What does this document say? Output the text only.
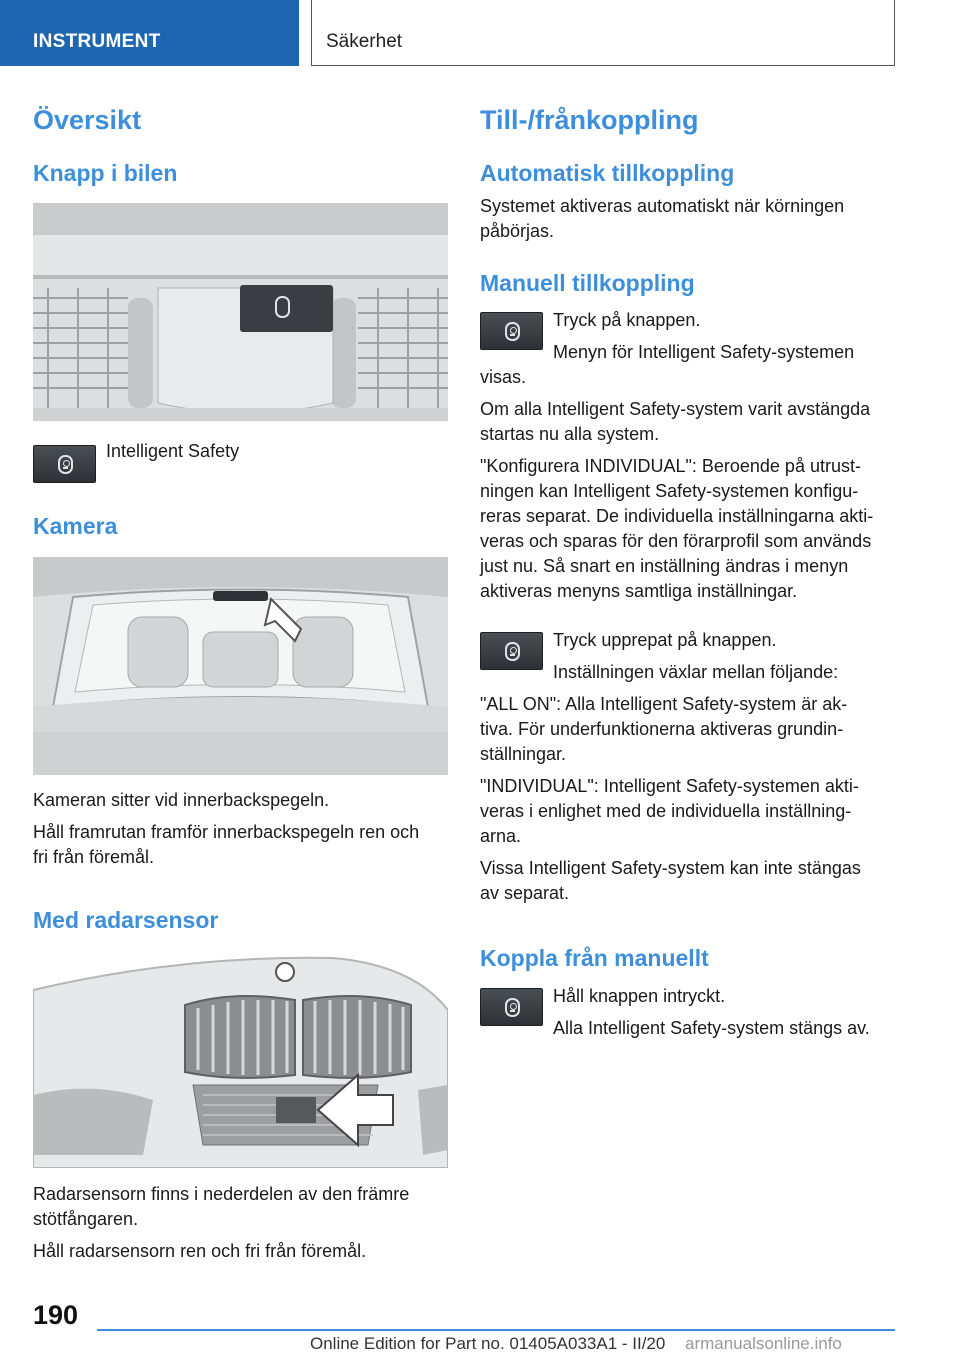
INSTRUMENT	Säkerhet
Översikt
Knapp i bilen

Intelligent Safety

Kamera

Kameran sitter vid innerbackspegeln.

Håll framrutan framför innerbackspegeln ren och

fri från föremål.

Med radarsensor

Radarsensorn finns i nederdelen av den främre

stötfångaren.

Håll radarsensorn ren och fri från föremål.

Till-/frånkoppling
Automatisk tillkoppling

Systemet aktiveras automatiskt när körningen

påbörjas.

Manuell tillkoppling

Tryck på knappen.

Menyn för Intelligent Safety-systemen

visas.

Om alla Intelligent Safety-system varit avstängda

startas nu alla system.

"Konfigurera INDIVIDUAL": Beroende på utrust-

ningen kan Intelligent Safety-systemen konfigu-

reras separat. De individuella inställningarna akti-

veras och sparas för den förarprofil som används

just nu. Så snart en inställning ändras i menyn

aktiveras menyns samtliga inställningar.

Tryck upprepat på knappen.

Inställningen växlar mellan följande:

"ALL ON": Alla Intelligent Safety-system är ak-

tiva. För underfunktionerna aktiveras grundin-

ställningar.

"INDIVIDUAL": Intelligent Safety-systemen akti-

veras i enlighet med de individuella inställning-

arna.

Vissa Intelligent Safety-system kan inte stängas

av separat.

Koppla från manuellt

Håll knappen intryckt.

Alla Intelligent Safety-system stängs av.

190
Online Edition for Part no. 01405A033A1 - II/20 armanualsonline.info
